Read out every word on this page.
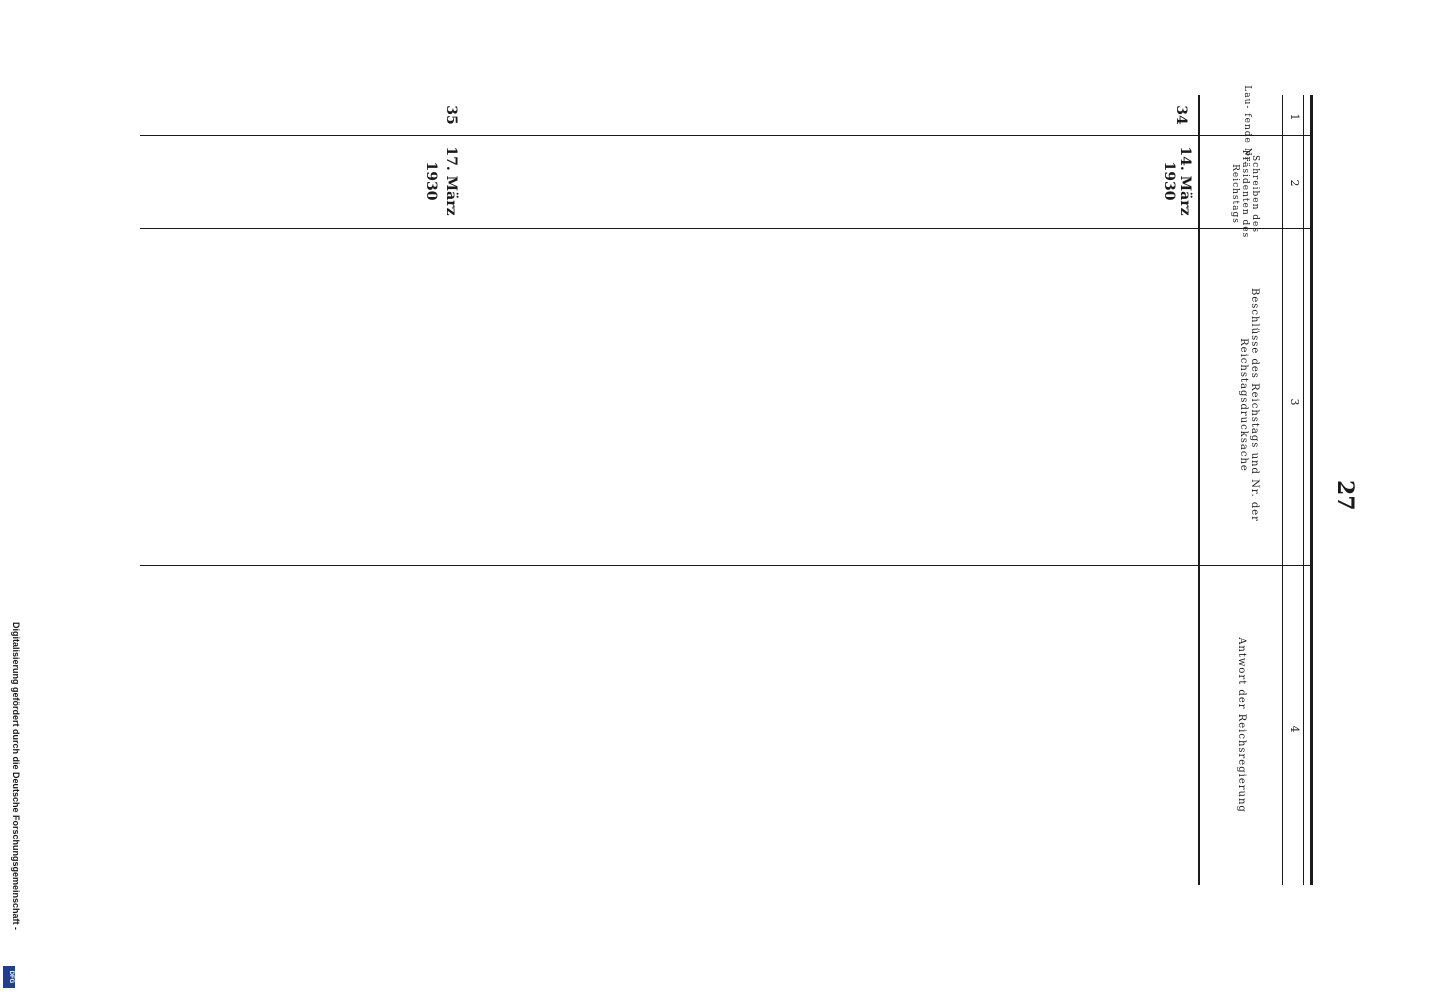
27
1
2
3
4
Lau- fende Nr.
Schreiben des Präsidenten des Reichstags
Beschlüsse des Reichstags und Nr. der Reichstagsdrucksache
Antwort der Reichsregierung
34
14. März
1930
35
17. März
1930
Digitalisierung gefördert durch die Deutsche Forschungsgemeinschaft -
DFG
